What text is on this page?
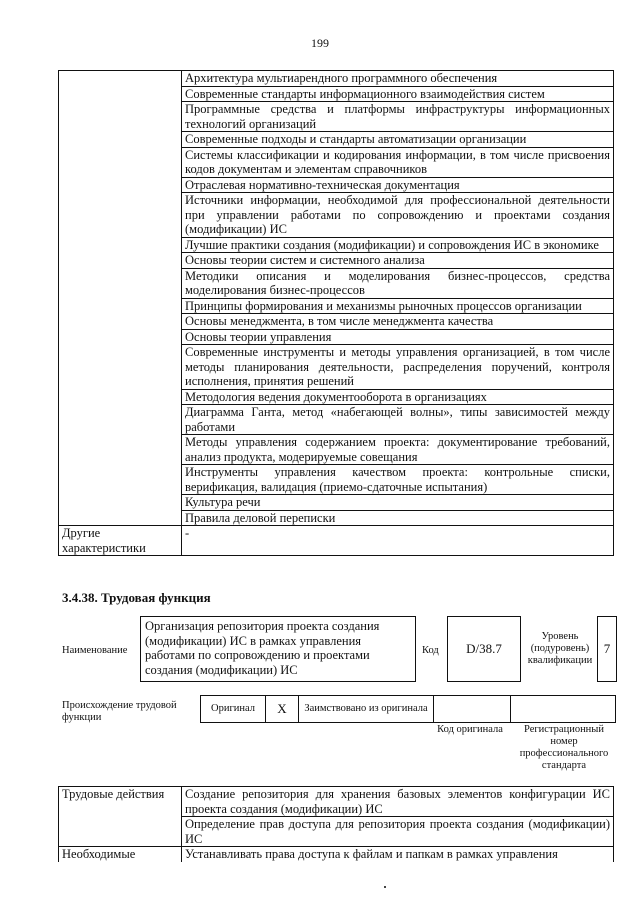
199
	Архитектура мультиарендного программного обеспечения
	Современные стандарты информационного взаимодействия систем
	Программные средства и платформы инфраструктуры информационных технологий организаций
	Современные подходы и стандарты автоматизации организации
	Системы классификации и кодирования информации, в том числе присвоения кодов документам и элементам справочников
	Отраслевая нормативно-техническая документация
	Источники информации, необходимой для профессиональной деятельности при управлении работами по сопровождению и проектами создания (модификации) ИС
	Лучшие практики создания (модификации) и сопровождения ИС в экономике
	Основы теории систем и системного анализа
	Методики описания и моделирования бизнес-процессов, средства моделирования бизнес-процессов
	Принципы формирования и механизмы рыночных процессов организации
	Основы менеджмента, в том числе менеджмента качества
	Основы теории управления
	Современные инструменты и методы управления организацией, в том числе методы планирования деятельности, распределения поручений, контроля исполнения, принятия решений
	Методология ведения документооборота в организациях
	Диаграмма Ганта, метод «набегающей волны», типы зависимостей между работами
	Методы управления содержанием проекта: документирование требований, анализ продукта, модерируемые совещания
	Инструменты управления качеством проекта: контрольные списки, верификация, валидация (приемо-сдаточные испытания)
	Культура речи
	Правила деловой переписки
Другие характеристики	-
3.4.38. Трудовая функция
Наименование
Организация репозитория проекта создания (модификации) ИС в рамках управления работами по сопровождению и проектами создания (модификации) ИС
Код	D/38.7
Уровень (подуровень) квалификации
7
Происхождение трудовой функции
Оригинал	X	Заимствовано из оригинала		
Код оригинала	Регистрационный номер профессионального стандарта
Трудовые действия	Создание репозитория для хранения базовых элементов конфигурации ИС проекта создания (модификации) ИС
	Определение прав доступа для репозитория проекта создания (модификации) ИС
Необходимые	Устанавливать права доступа к файлам и папкам в рамках управления
